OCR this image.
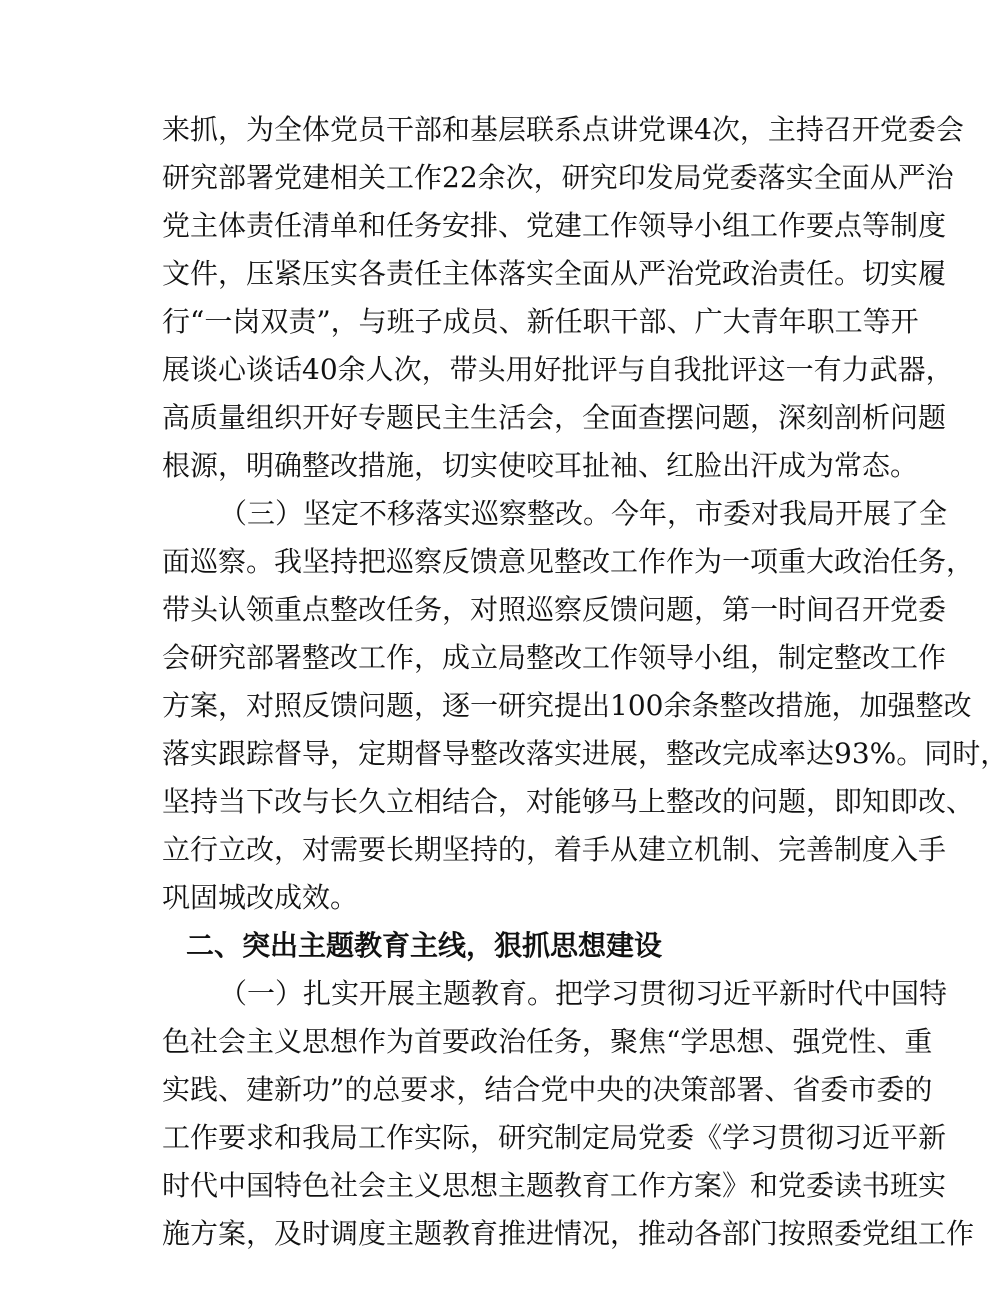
来抓，为全体党员干部和基层联系点讲党课4次，主持召开党委会
研究部署党建相关工作22余次，研究印发局党委落实全面从严治
党主体责任清单和任务安排、党建工作领导小组工作要点等制度
文件，压紧压实各责任主体落实全面从严治党政治责任。切实履
行“一岗双责”，与班子成员、新任职干部、广大青年职工等开
展谈心谈话40余人次，带头用好批评与自我批评这一有力武器，
高质量组织开好专题民主生活会，全面查摆问题，深刻剖析问题
根源，明确整改措施，切实使咬耳扯袖、红脸出汗成为常态。
（三）坚定不移落实巡察整改。今年，市委对我局开展了全
面巡察。我坚持把巡察反馈意见整改工作作为一项重大政治任务，
带头认领重点整改任务，对照巡察反馈问题，第一时间召开党委
会研究部署整改工作，成立局整改工作领导小组，制定整改工作
方案，对照反馈问题，逐一研究提出100余条整改措施，加强整改
落实跟踪督导，定期督导整改落实进展，整改完成率达93%。同时，
坚持当下改与长久立相结合，对能够马上整改的问题，即知即改、
立行立改，对需要长期坚持的，着手从建立机制、完善制度入手
巩固城改成效。
二、突出主题教育主线，狠抓思想建设
（一）扎实开展主题教育。把学习贯彻习近平新时代中国特
色社会主义思想作为首要政治任务，聚焦“学思想、强党性、重
实践、建新功”的总要求，结合党中央的决策部署、省委市委的
工作要求和我局工作实际，研究制定局党委《学习贯彻习近平新
时代中国特色社会主义思想主题教育工作方案》和党委读书班实
施方案，及时调度主题教育推进情况，推动各部门按照委党组工作
